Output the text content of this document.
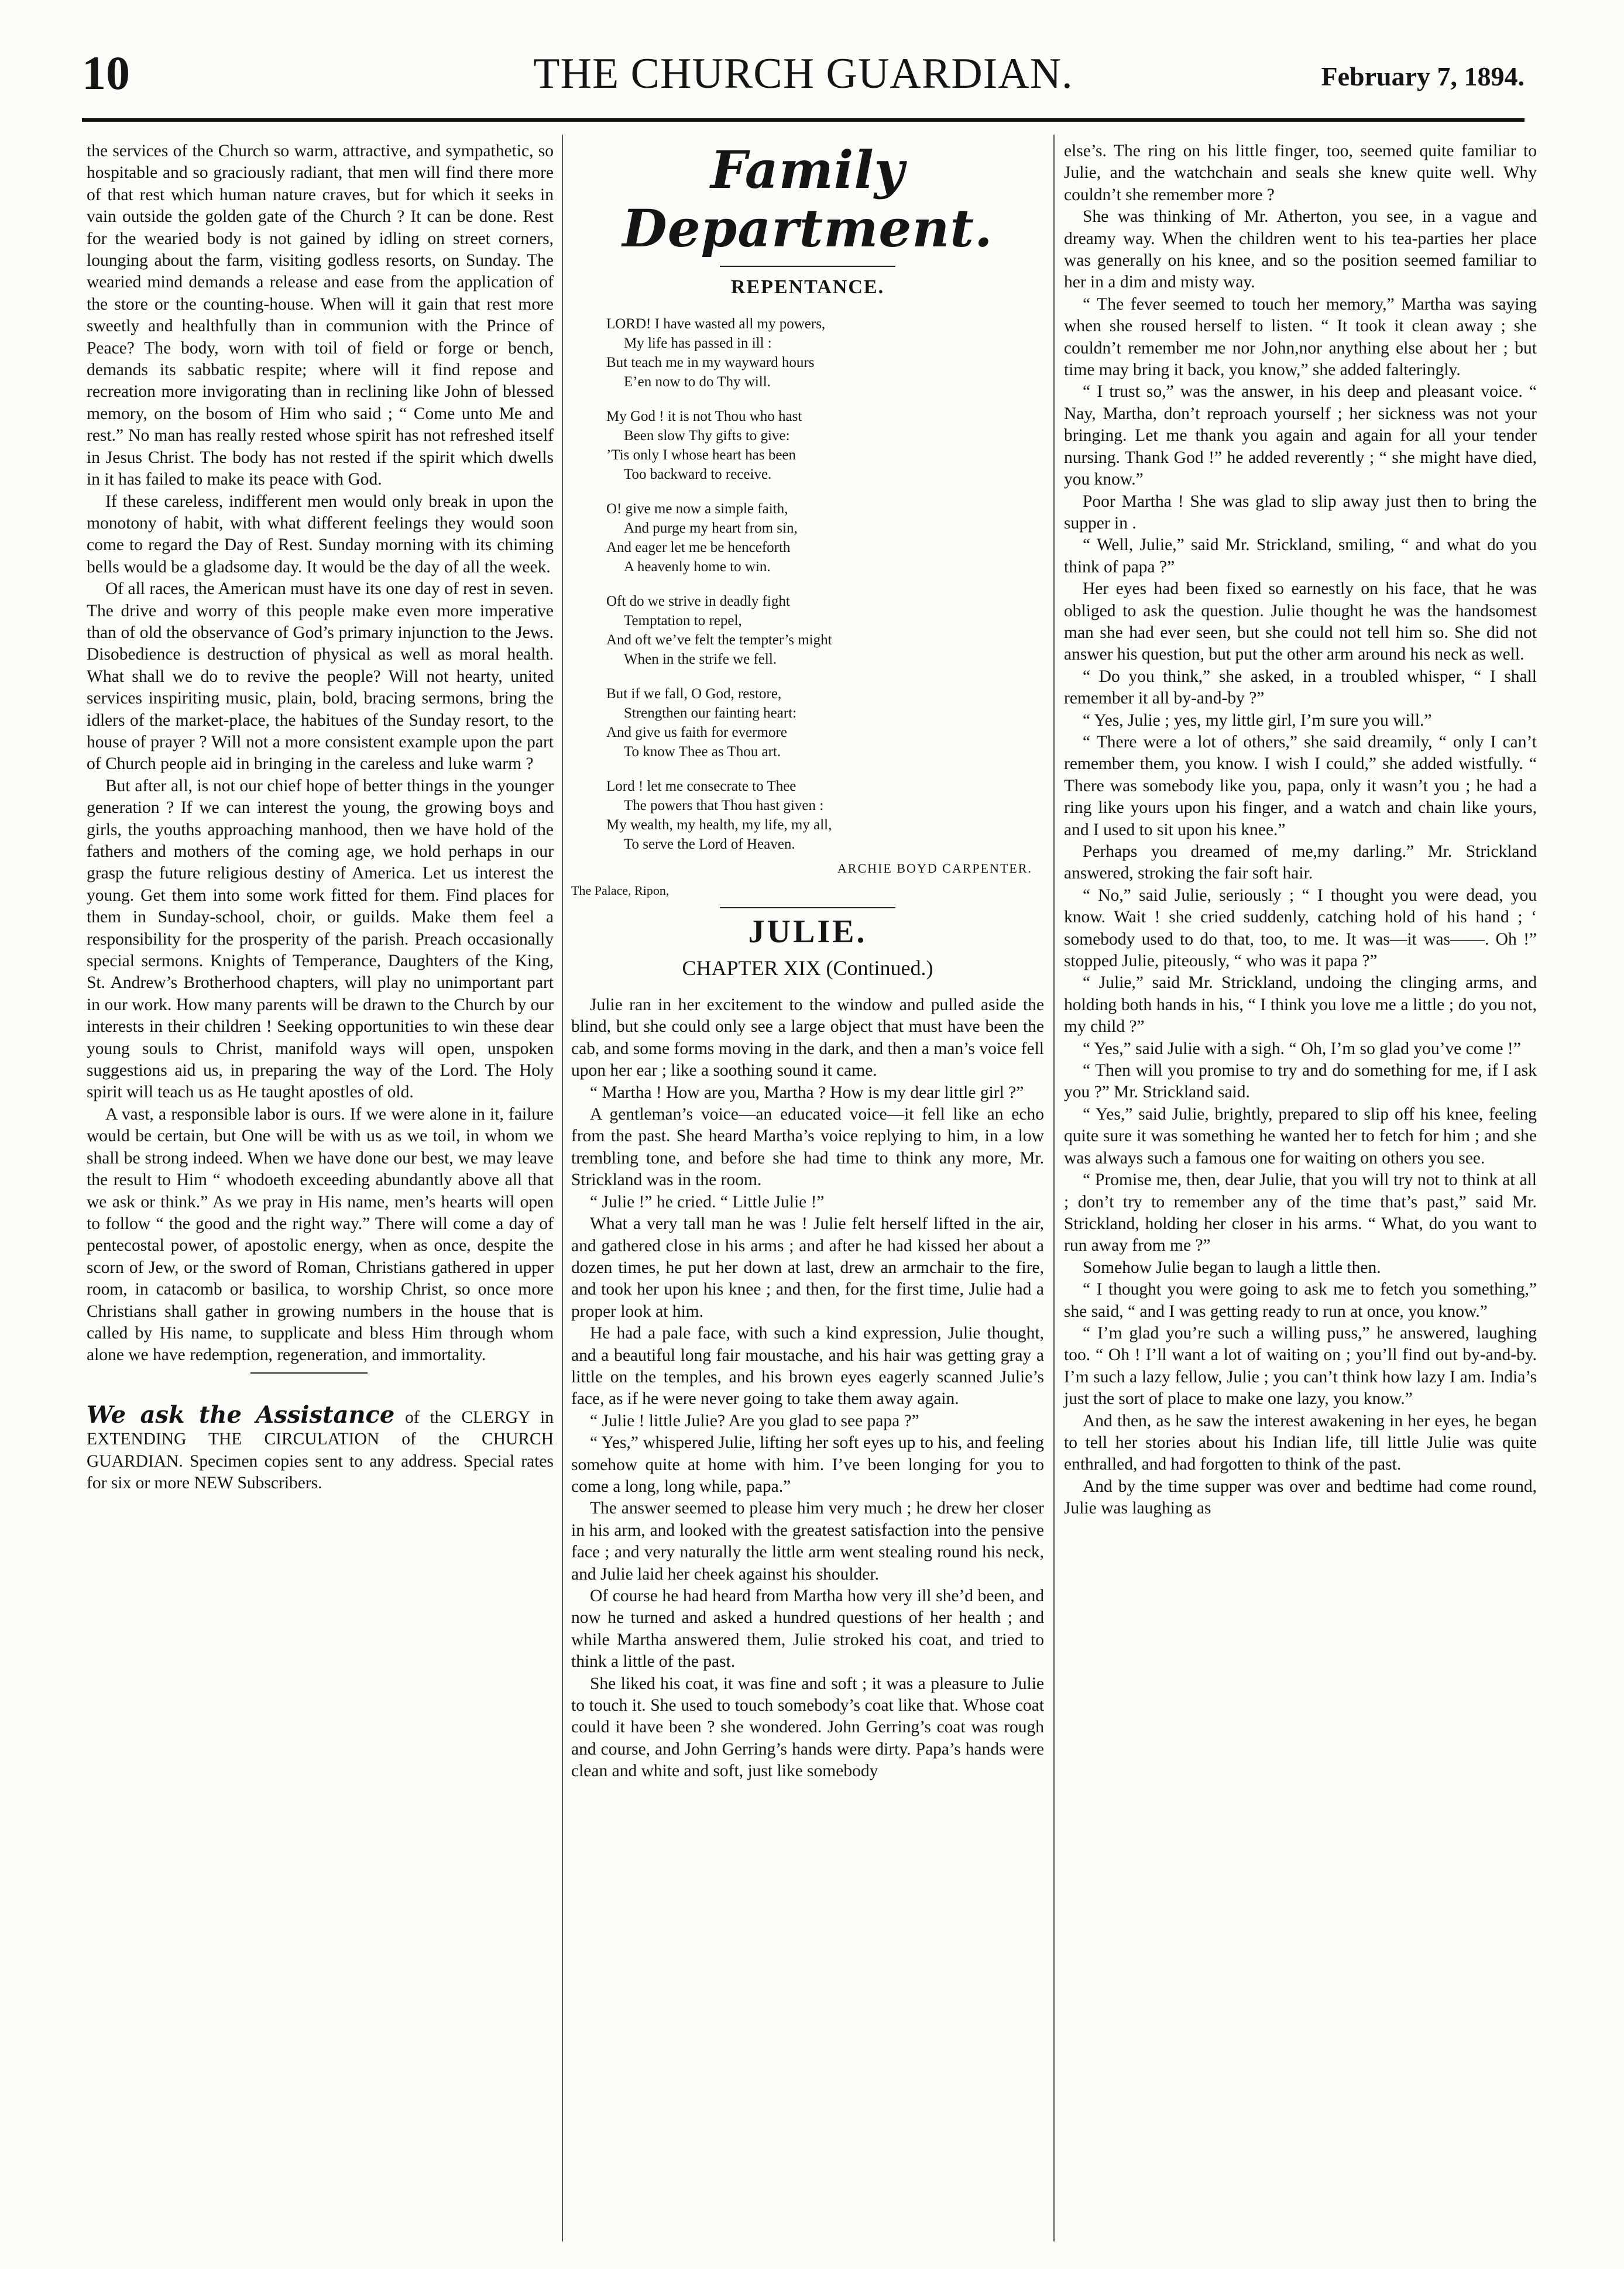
10	THE CHURCH GUARDIAN.	February 7, 1894.

the services of the Church so warm, attractive, and sympathetic, so hospitable and so graciously radiant, that men will find there more of that rest which human nature craves, but for which it seeks in vain outside the golden gate of the Church ? It can be done. Rest for the wearied body is not gained by idling on street corners, lounging about the farm, visiting godless resorts, on Sunday. The wearied mind demands a release and ease from the application of the store or the counting-house. When will it gain that rest more sweetly and healthfully than in communion with the Prince of Peace? The body, worn with toil of field or forge or bench, demands its sabbatic respite; where will it find repose and recreation more invigorating than in reclining like John of blessed memory, on the bosom of Him who said ; “ Come unto Me and rest.” No man has really rested whose spirit has not refreshed itself in Jesus Christ. The body has not rested if the spirit which dwells in it has failed to make its peace with God.

If these careless, indifferent men would only break in upon the monotony of habit, with what different feelings they would soon come to regard the Day of Rest. Sunday morning with its chiming bells would be a gladsome day. It would be the day of all the week.

Of all races, the American must have its one day of rest in seven. The drive and worry of this people make even more imperative than of old the observance of God’s primary injunction to the Jews. Disobedience is destruction of physical as well as moral health. What shall we do to revive the people? Will not hearty, united services inspiriting music, plain, bold, bracing sermons, bring the idlers of the market-place, the habitues of the Sunday resort, to the house of prayer ? Will not a more consistent example upon the part of Church people aid in bringing in the careless and luke warm ?

But after all, is not our chief hope of better things in the younger generation ? If we can interest the young, the growing boys and girls, the youths approaching manhood, then we have hold of the fathers and mothers of the coming age, we hold perhaps in our grasp the future religious destiny of America. Let us interest the young. Get them into some work fitted for them. Find places for them in Sunday-school, choir, or guilds. Make them feel a responsibility for the prosperity of the parish. Preach occasionally special sermons. Knights of Temperance, Daughters of the King, St. Andrew’s Brotherhood chapters, will play no unimportant part in our work. How many parents will be drawn to the Church by our interests in their children ! Seeking opportunities to win these dear young souls to Christ, manifold ways will open, unspoken suggestions aid us, in preparing the way of the Lord. The Holy spirit will teach us as He taught apostles of old.

A vast, a responsible labor is ours. If we were alone in it, failure would be certain, but One will be with us as we toil, in whom we shall be strong indeed. When we have done our best, we may leave the result to Him “ whodoeth exceeding abundantly above all that we ask or think.” As we pray in His name, men’s hearts will open to follow “ the good and the right way.” There will come a day of pentecostal power, of apostolic energy, when as once, despite the scorn of Jew, or the sword of Roman, Christians gathered in upper room, in catacomb or basilica, to worship Christ, so once more Christians shall gather in growing numbers in the house that is called by His name, to supplicate and bless Him through whom alone we have redemption, regeneration, and immortality.

We ask the Assistance of the CLERGY in EXTENDING THE CIRCULATION of the CHURCH GUARDIAN. Specimen copies sent to any address. Special rates for six or more NEW Subscribers.

Family Department.
REPENTANCE.
LORD! I have wasted all my powers,
My life has passed in ill :
But teach me in my wayward hours
E’en now to do Thy will.
My God ! it is not Thou who hast
Been slow Thy gifts to give:
’Tis only I whose heart has been
Too backward to receive.
O! give me now a simple faith,
And purge my heart from sin,
And eager let me be henceforth
A heavenly home to win.
Oft do we strive in deadly fight
Temptation to repel,
And oft we’ve felt the tempter’s might
When in the strife we fell.
But if we fall, O God, restore,
Strengthen our fainting heart:
And give us faith for evermore
To know Thee as Thou art.
Lord ! let me consecrate to Thee
The powers that Thou hast given :
My wealth, my health, my life, my all,
To serve the Lord of Heaven.
ARCHIE BOYD CARPENTER.
The Palace, Ripon,
JULIE.
CHAPTER XIX (Continued.)

Julie ran in her excitement to the window and pulled aside the blind, but she could only see a large object that must have been the cab, and some forms moving in the dark, and then a man’s voice fell upon her ear ; like a soothing sound it came.

“ Martha ! How are you, Martha ? How is my dear little girl ?”

A gentleman’s voice—an educated voice—it fell like an echo from the past. She heard Martha’s voice replying to him, in a low trembling tone, and before she had time to think any more, Mr. Strickland was in the room.

“ Julie !” he cried. “ Little Julie !”

What a very tall man he was ! Julie felt herself lifted in the air, and gathered close in his arms ; and after he had kissed her about a dozen times, he put her down at last, drew an armchair to the fire, and took her upon his knee ; and then, for the first time, Julie had a proper look at him.

He had a pale face, with such a kind expression, Julie thought, and a beautiful long fair moustache, and his hair was getting gray a little on the temples, and his brown eyes eagerly scanned Julie’s face, as if he were never going to take them away again.

“ Julie ! little Julie? Are you glad to see papa ?”

“ Yes,” whispered Julie, lifting her soft eyes up to his, and feeling somehow quite at home with him. I’ve been longing for you to come a long, long while, papa.”

The answer seemed to please him very much ; he drew her closer in his arm, and looked with the greatest satisfaction into the pensive face ; and very naturally the little arm went stealing round his neck, and Julie laid her cheek against his shoulder.

Of course he had heard from Martha how very ill she’d been, and now he turned and asked a hundred questions of her health ; and while Martha answered them, Julie stroked his coat, and tried to think a little of the past.

She liked his coat, it was fine and soft ; it was a pleasure to Julie to touch it. She used to touch somebody’s coat like that. Whose coat could it have been ? she wondered. John Gerring’s coat was rough and course, and John Gerring’s hands were dirty. Papa’s hands were clean and white and soft, just like somebody

else’s. The ring on his little finger, too, seemed quite familiar to Julie, and the watchchain and seals she knew quite well. Why couldn’t she remember more ?

She was thinking of Mr. Atherton, you see, in a vague and dreamy way. When the children went to his tea-parties her place was generally on his knee, and so the position seemed familiar to her in a dim and misty way.

“ The fever seemed to touch her memory,” Martha was saying when she roused herself to listen. “ It took it clean away ; she couldn’t remember me nor John,nor anything else about her ; but time may bring it back, you know,” she added falteringly.

“ I trust so,” was the answer, in his deep and pleasant voice. “ Nay, Martha, don’t reproach yourself ; her sickness was not your bringing. Let me thank you again and again for all your tender nursing. Thank God !” he added reverently ; “ she might have died, you know.”

Poor Martha ! She was glad to slip away just then to bring the supper in .

“ Well, Julie,” said Mr. Strickland, smiling, “ and what do you think of papa ?”

Her eyes had been fixed so earnestly on his face, that he was obliged to ask the question. Julie thought he was the handsomest man she had ever seen, but she could not tell him so. She did not answer his question, but put the other arm around his neck as well.

“ Do you think,” she asked, in a troubled whisper, “ I shall remember it all by-and-by ?”

“ Yes, Julie ; yes, my little girl, I’m sure you will.”

“ There were a lot of others,” she said dreamily, “ only I can’t remember them, you know. I wish I could,” she added wistfully. “ There was somebody like you, papa, only it wasn’t you ; he had a ring like yours upon his finger, and a watch and chain like yours, and I used to sit upon his knee.”

Perhaps you dreamed of me,my darling.” Mr. Strickland answered, stroking the fair soft hair.

“ No,” said Julie, seriously ; “ I thought you were dead, you know. Wait ! she cried suddenly, catching hold of his hand ; ‘ somebody used to do that, too, to me. It was—it was——. Oh !” stopped Julie, piteously, “ who was it papa ?”

“ Julie,” said Mr. Strickland, undoing the clinging arms, and holding both hands in his, “ I think you love me a little ; do you not, my child ?”

“ Yes,” said Julie with a sigh. “ Oh, I’m so glad you’ve come !”

“ Then will you promise to try and do something for me, if I ask you ?” Mr. Strickland said.

“ Yes,” said Julie, brightly, prepared to slip off his knee, feeling quite sure it was something he wanted her to fetch for him ; and she was always such a famous one for waiting on others you see.

“ Promise me, then, dear Julie, that you will try not to think at all ; don’t try to remember any of the time that’s past,” said Mr. Strickland, holding her closer in his arms. “ What, do you want to run away from me ?”

Somehow Julie began to laugh a little then.

“ I thought you were going to ask me to fetch you something,” she said, “ and I was getting ready to run at once, you know.”

“ I’m glad you’re such a willing puss,” he answered, laughing too. “ Oh ! I’ll want a lot of waiting on ; you’ll find out by-and-by. I’m such a lazy fellow, Julie ; you can’t think how lazy I am. India’s just the sort of place to make one lazy, you know.”

And then, as he saw the interest awakening in her eyes, he began to tell her stories about his Indian life, till little Julie was quite enthralled, and had forgotten to think of the past.

And by the time supper was over and bedtime had come round, Julie was laughing as
